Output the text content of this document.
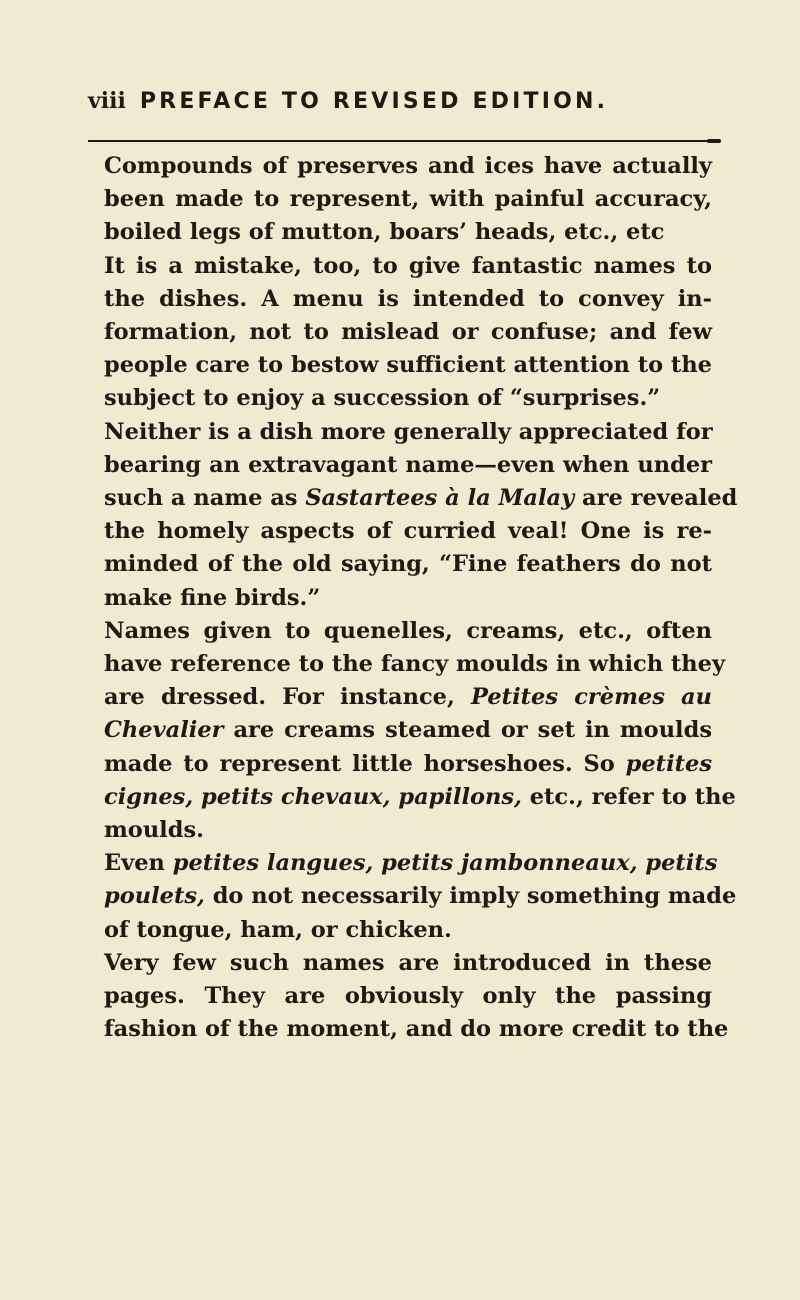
viii PREFACE TO REVISED EDITION.
Compounds of preserves and ices have actually
been made to represent, with painful accuracy,
boiled legs of mutton, boars’ heads, etc., etc
It is a mistake, too, to give fantastic names to
the dishes. A menu is intended to convey in-
formation, not to mislead or confuse; and few
people care to bestow sufficient attention to the
subject to enjoy a succession of “surprises.”
Neither is a dish more generally appreciated for
bearing an extravagant name—even when under
such a name as Sastartees à la Malay are revealed
the homely aspects of curried veal! One is re-
minded of the old saying, “Fine feathers do not
make fine birds.”
Names given to quenelles, creams, etc., often
have reference to the fancy moulds in which they
are dressed. For instance, Petites crèmes au
Chevalier are creams steamed or set in moulds
made to represent little horseshoes. So petites
cignes, petits chevaux, papillons, etc., refer to the
moulds.
Even petites langues, petits jambonneaux, petits
poulets, do not necessarily imply something made
of tongue, ham, or chicken.
Very few such names are introduced in these
pages. They are obviously only the passing
fashion of the moment, and do more credit to the
